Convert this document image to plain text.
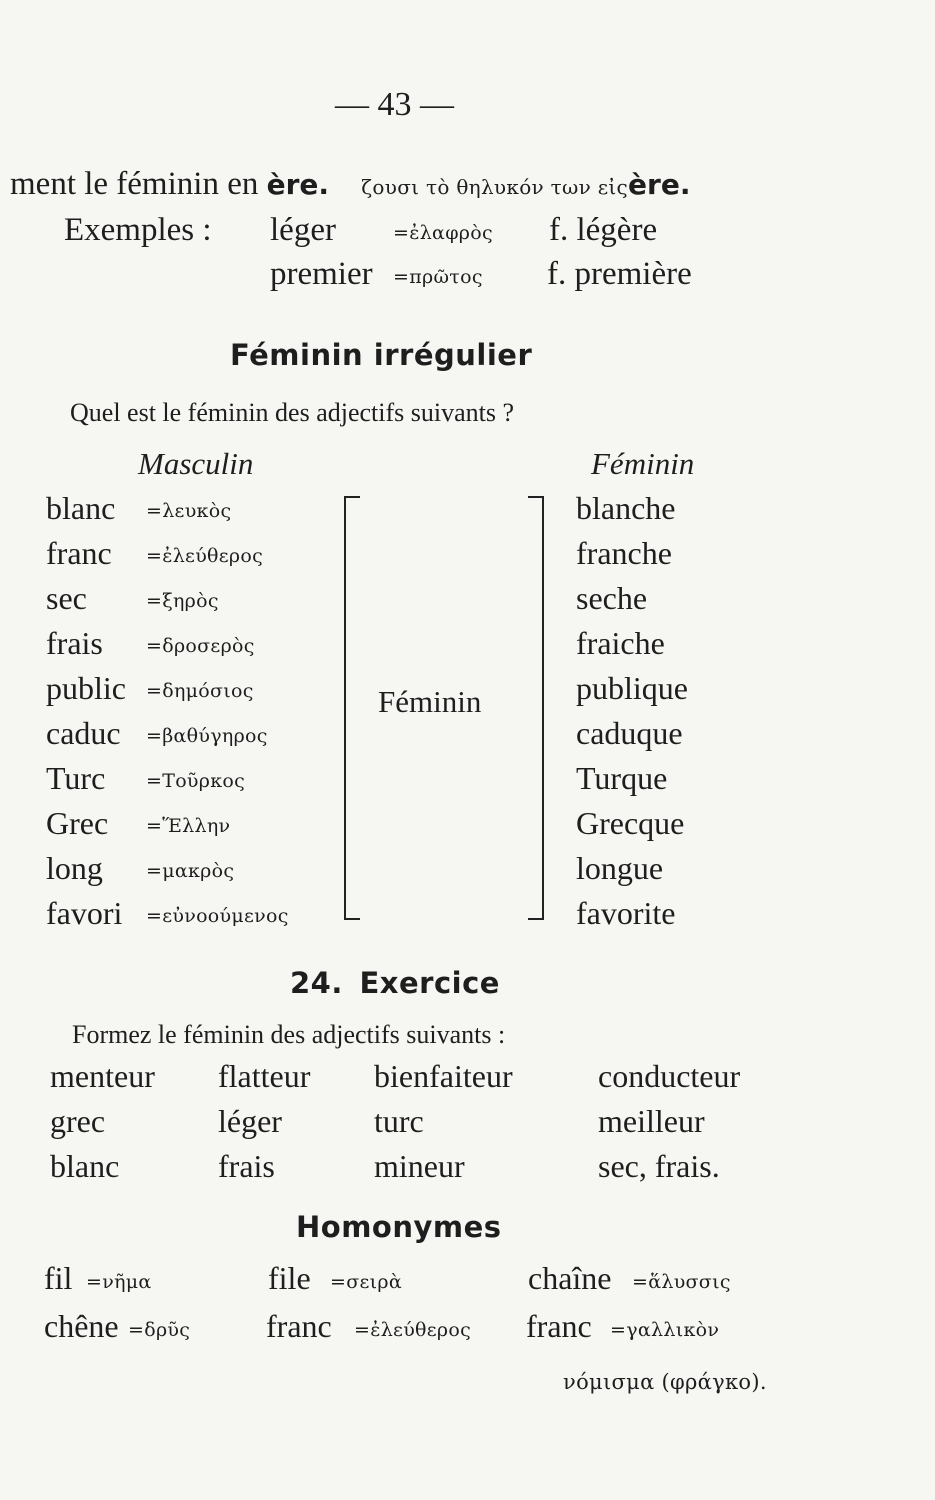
— 43 —
ment le féminin en ère. ζουσι τὸ θηλυκόν των εἰςère.
Exemples : léger	=ἐλαφρὸς f. légère
premier =πρῶτος f. première
Féminin irrégulier
Quel est le féminin des adjectifs suivants ?
Masculin	Féminin
blanc =λευκὸς	blanche
franc =ἐλεύθερος	franche
sec	=ξηρὸς	seche
frais =δροσερὸς	fraiche
public =δημόσιος	publique
caduc =βαθύγηρος	caduque
Turc =Τοῦρκος	Turque
Grec =Ἕλλην	Grecque
long =μακρὸς	longue
favori =εὐνοούμενος	favorite
Féminin
24. Exercice
Formez le féminin des adjectifs suivants :
menteur flatteur bienfaiteur	conducteur
grec	léger	turc	meilleur
blanc	frais	mineur	sec, frais.
Homonymes
fil =νῆμα	file =σειρὰ	chaîne =ἅλυσσις
chêne =δρῦς franc =ἐλεύθερος franc =γαλλικὸν
νόμισμα (φράγκο).
